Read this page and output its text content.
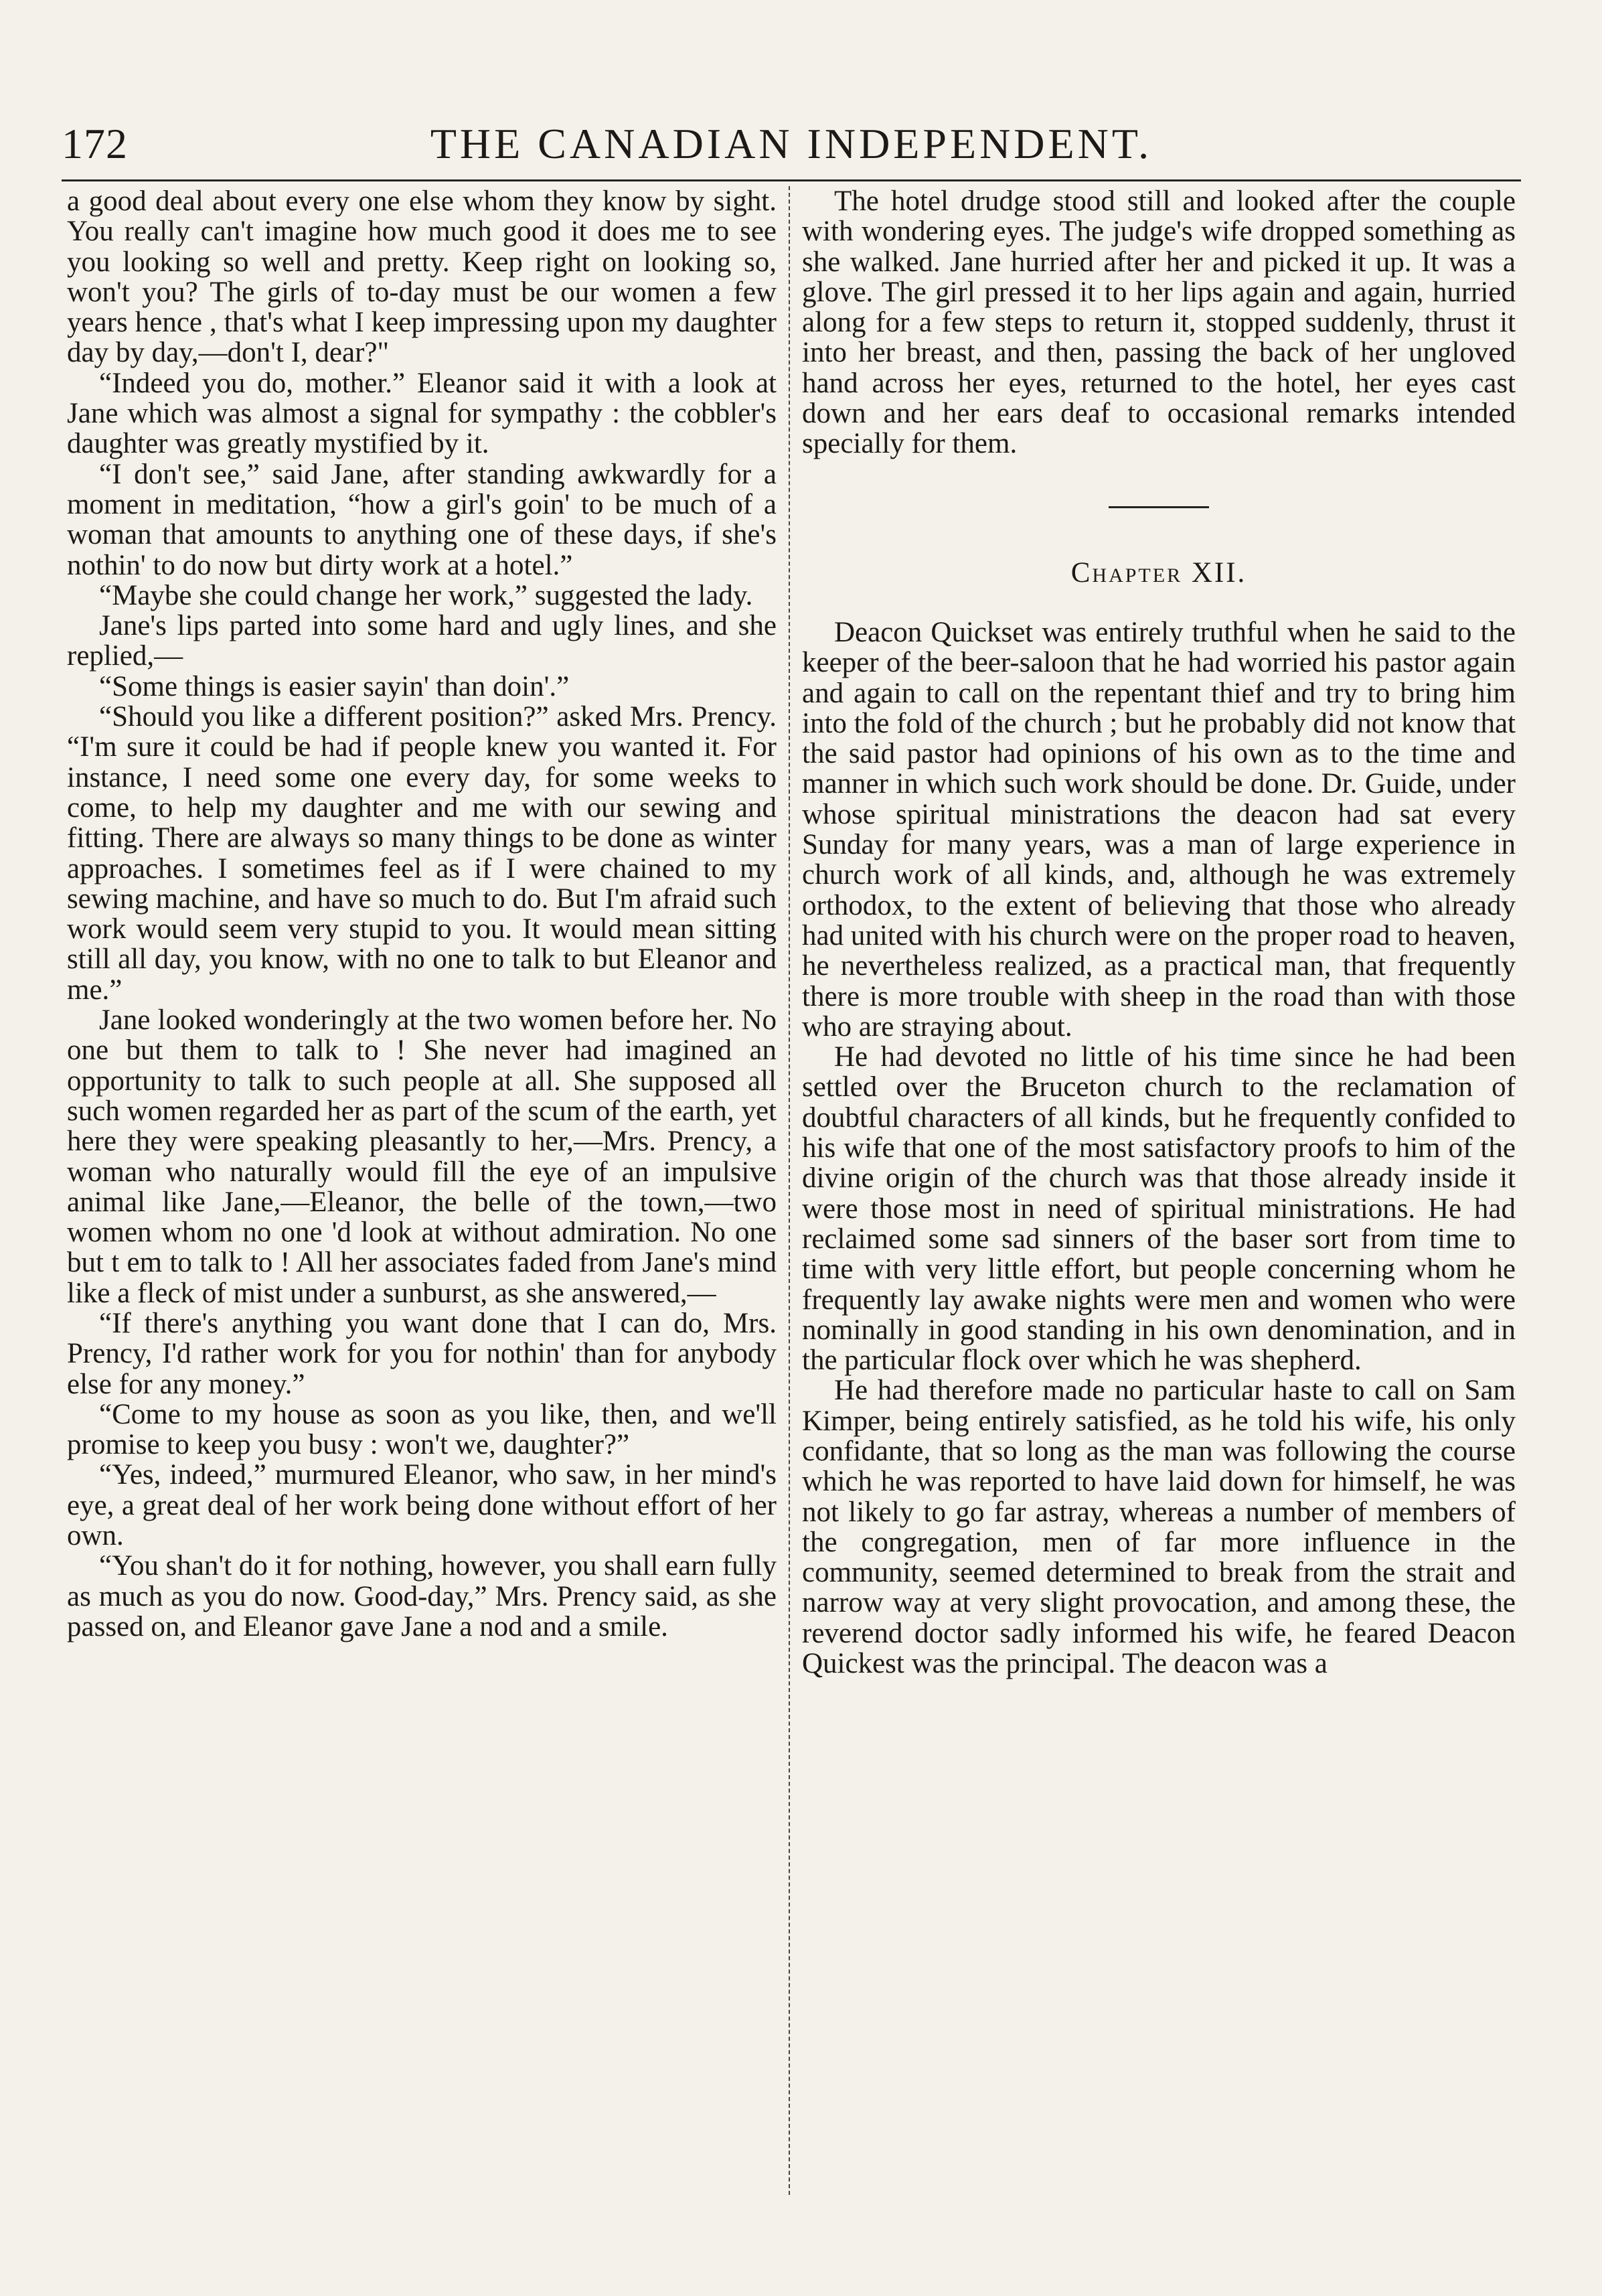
172	THE CANADIAN INDEPENDENT.

a good deal about every one else whom they know by sight. You really can't imagine how much good it does me to see you looking so well and pretty. Keep right on looking so, won't you? The girls of to-day must be our women a few years hence , that's what I keep impressing upon my daughter day by day,—don't I, dear?"

“Indeed you do, mother.” Eleanor said it with a look at Jane which was almost a signal for sympathy : the cobbler's daughter was greatly mystified by it.

“I don't see,” said Jane, after standing awkwardly for a moment in meditation, “how a girl's goin' to be much of a woman that amounts to anything one of these days, if she's nothin' to do now but dirty work at a hotel.”

“Maybe she could change her work,” suggested the lady.

Jane's lips parted into some hard and ugly lines, and she replied,—

“Some things is easier sayin' than doin'.”

“Should you like a different position?” asked Mrs. Prency. “I'm sure it could be had if people knew you wanted it. For instance, I need some one every day, for some weeks to come, to help my daughter and me with our sewing and fitting. There are always so many things to be done as winter approaches. I sometimes feel as if I were chained to my sewing machine, and have so much to do. But I'm afraid such work would seem very stupid to you. It would mean sitting still all day, you know, with no one to talk to but Eleanor and me.”

Jane looked wonderingly at the two women before her. No one but them to talk to ! She never had imagined an opportunity to talk to such people at all. She supposed all such women regarded her as part of the scum of the earth, yet here they were speaking pleasantly to her,—Mrs. Prency, a woman who naturally would fill the eye of an impulsive animal like Jane,—Eleanor, the belle of the town,—two women whom no one 'd look at without admiration. No one but t em to talk to ! All her associates faded from Jane's mind like a fleck of mist under a sunburst, as she answered,—

“If there's anything you want done that I can do, Mrs. Prency, I'd rather work for you for nothin' than for anybody else for any money.”

“Come to my house as soon as you like, then, and we'll promise to keep you busy : won't we, daughter?”

“Yes, indeed,” murmured Eleanor, who saw, in her mind's eye, a great deal of her work being done without effort of her own.

“You shan't do it for nothing, however, you shall earn fully as much as you do now. Good-day,” Mrs. Prency said, as she passed on, and Eleanor gave Jane a nod and a smile.

The hotel drudge stood still and looked after the couple with wondering eyes. The judge's wife dropped something as she walked. Jane hurried after her and picked it up. It was a glove. The girl pressed it to her lips again and again, hurried along for a few steps to return it, stopped suddenly, thrust it into her breast, and then, passing the back of her ungloved hand across her eyes, returned to the hotel, her eyes cast down and her ears deaf to occasional remarks intended specially for them.

Chapter XII.

Deacon Quickset was entirely truthful when he said to the keeper of the beer-saloon that he had worried his pastor again and again to call on the repentant thief and try to bring him into the fold of the church ; but he probably did not know that the said pastor had opinions of his own as to the time and manner in which such work should be done. Dr. Guide, under whose spiritual ministrations the deacon had sat every Sunday for many years, was a man of large experience in church work of all kinds, and, although he was extremely orthodox, to the extent of believing that those who already had united with his church were on the proper road to heaven, he nevertheless realized, as a practical man, that frequently there is more trouble with sheep in the road than with those who are straying about.

He had devoted no little of his time since he had been settled over the Bruceton church to the reclamation of doubtful characters of all kinds, but he frequently confided to his wife that one of the most satisfactory proofs to him of the divine origin of the church was that those already inside it were those most in need of spiritual ministrations. He had reclaimed some sad sinners of the baser sort from time to time with very little effort, but people concerning whom he frequently lay awake nights were men and women who were nominally in good standing in his own denomination, and in the particular flock over which he was shepherd.

He had therefore made no particular haste to call on Sam Kimper, being entirely satisfied, as he told his wife, his only confidante, that so long as the man was following the course which he was reported to have laid down for himself, he was not likely to go far astray, whereas a number of members of the congregation, men of far more influence in the community, seemed determined to break from the strait and narrow way at very slight provocation, and among these, the reverend doctor sadly informed his wife, he feared Deacon Quickest was the principal. The deacon was a
